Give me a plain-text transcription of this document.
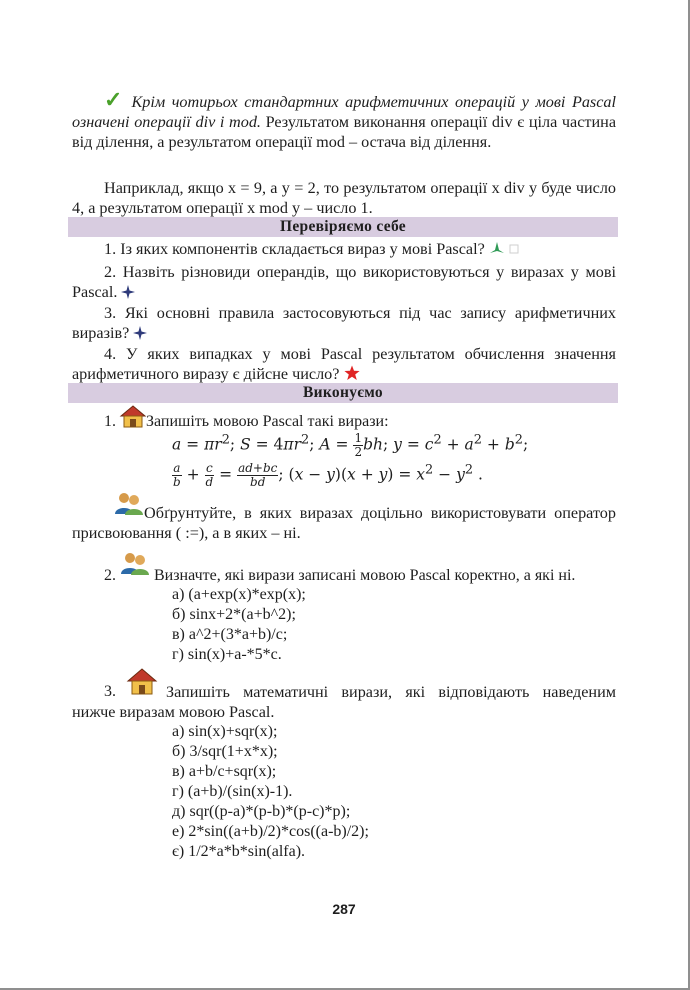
✓ Крім чотирьох стандартних арифметичних операцій у мові Pascal означені операції div і mod. Результатом виконання операції div є ціла частина від ділення, а результатом операції mod – остача від ділення.
Наприклад, якщо x = 9, а y = 2, то результатом операції x div y буде число 4, а результатом операції x mod y – число 1.
Перевіряємо себе
1. Із яких компонентів складається вираз у мові Pascal?
2. Назвіть різновиди операндів, що використовуються у виразах у мові Pascal.
3. Які основні правила застосовуються під час запису арифметичних виразів?
4. У яких випадках у мові Pascal результатом обчислення значення арифметичного виразу є дійсне число?
Виконуємо
1. Запишіть мовою Pascal такі вирази:
$a = \pi r^2$; $S = 4\pi r^2$; $A = \frac{1}{2}$ bh; $y = c^2 + a^2 + b^2$;
$\frac{a}{b} + \frac{c}{d} = \frac{ad+bc}{bd}$ ; $(x - y)(x + y) = x^2 - y^2$ .
Обґрунтуйте, в яких виразах доцільно використовувати оператор присвоювання ( :=), а в яких – ні.
2. Визначте, які вирази записані мовою Pascal коректно, а які ні.
а) (a+exp(x)*exp(x);
б) sinx+2*(a+b^2);
в) a^2+(3*a+b)/c;
г) sin(x)+a-*5*c.
3.	Запишіть математичні вирази, які відповідають наведеним нижче виразам мовою Pascal.
а) sin(x)+sqr(x);
б) 3/sqr(1+x*x);
в) a+b/c+sqr(x);
г) (a+b)/(sin(x)-1).
д) sqr((p-a)*(p-b)*(p-c)*p);
е) 2*sin((a+b)/2)*cos((a-b)/2);
є) 1/2*a*b*sin(alfa).
287
